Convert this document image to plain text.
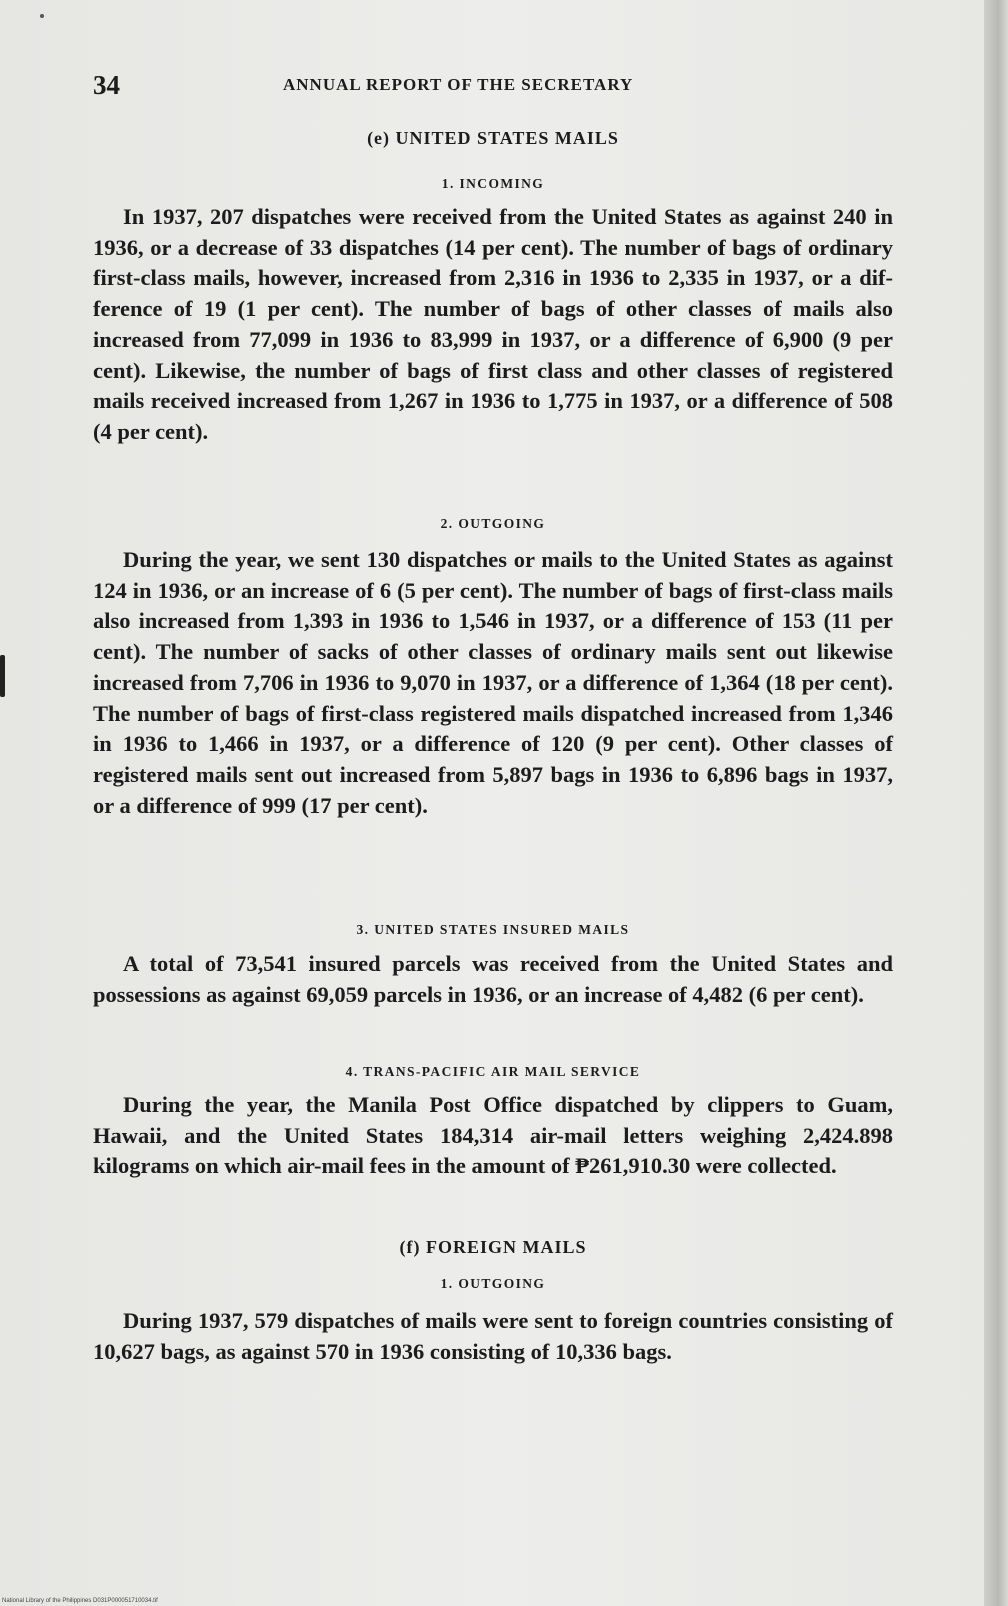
34	ANNUAL REPORT OF THE SECRETARY
(e) UNITED STATES MAILS
1. INCOMING

In 1937, 207 dispatches were received from the United States as against 240 in 1936, or a decrease of 33 dispatches (14 per cent). The number of bags of ordinary first-class mails, however, increased from 2,316 in 1936 to 2,335 in 1937, or a difference of 19 (1 per cent). The number of bags of other classes of mails also increased from 77,099 in 1936 to 83,999 in 1937, or a difference of 6,900 (9 per cent). Likewise, the number of bags of first class and other classes of registered mails received increased from 1,267 in 1936 to 1,775 in 1937, or a difference of 508 (4 per cent).

2. OUTGOING

During the year, we sent 130 dispatches or mails to the United States as against 124 in 1936, or an increase of 6 (5 per cent). The number of bags of first-class mails also increased from 1,393 in 1936 to 1,546 in 1937, or a difference of 153 (11 per cent). The number of sacks of other classes of ordinary mails sent out likewise increased from 7,706 in 1936 to 9,070 in 1937, or a difference of 1,364 (18 per cent). The number of bags of first-class registered mails dispatched increased from 1,346 in 1936 to 1,466 in 1937, or a difference of 120 (9 per cent). Other classes of registered mails sent out increased from 5,897 bags in 1936 to 6,896 bags in 1937, or a difference of 999 (17 per cent).

3. UNITED STATES INSURED MAILS

A total of 73,541 insured parcels was received from the United States and possessions as against 69,059 parcels in 1936, or an increase of 4,482 (6 per cent).

4. TRANS-PACIFIC AIR MAIL SERVICE

During the year, the Manila Post Office dispatched by clippers to Guam, Hawaii, and the United States 184,314 air-mail letters weighing 2,424.898 kilograms on which air-mail fees in the amount of ₱261,910.30 were collected.

(f) FOREIGN MAILS
1. OUTGOING

During 1937, 579 dispatches of mails were sent to foreign countries consisting of 10,627 bags, as against 570 in 1936 consisting of 10,336 bags.

National Library of the Philippines D031P000051710034.tif
